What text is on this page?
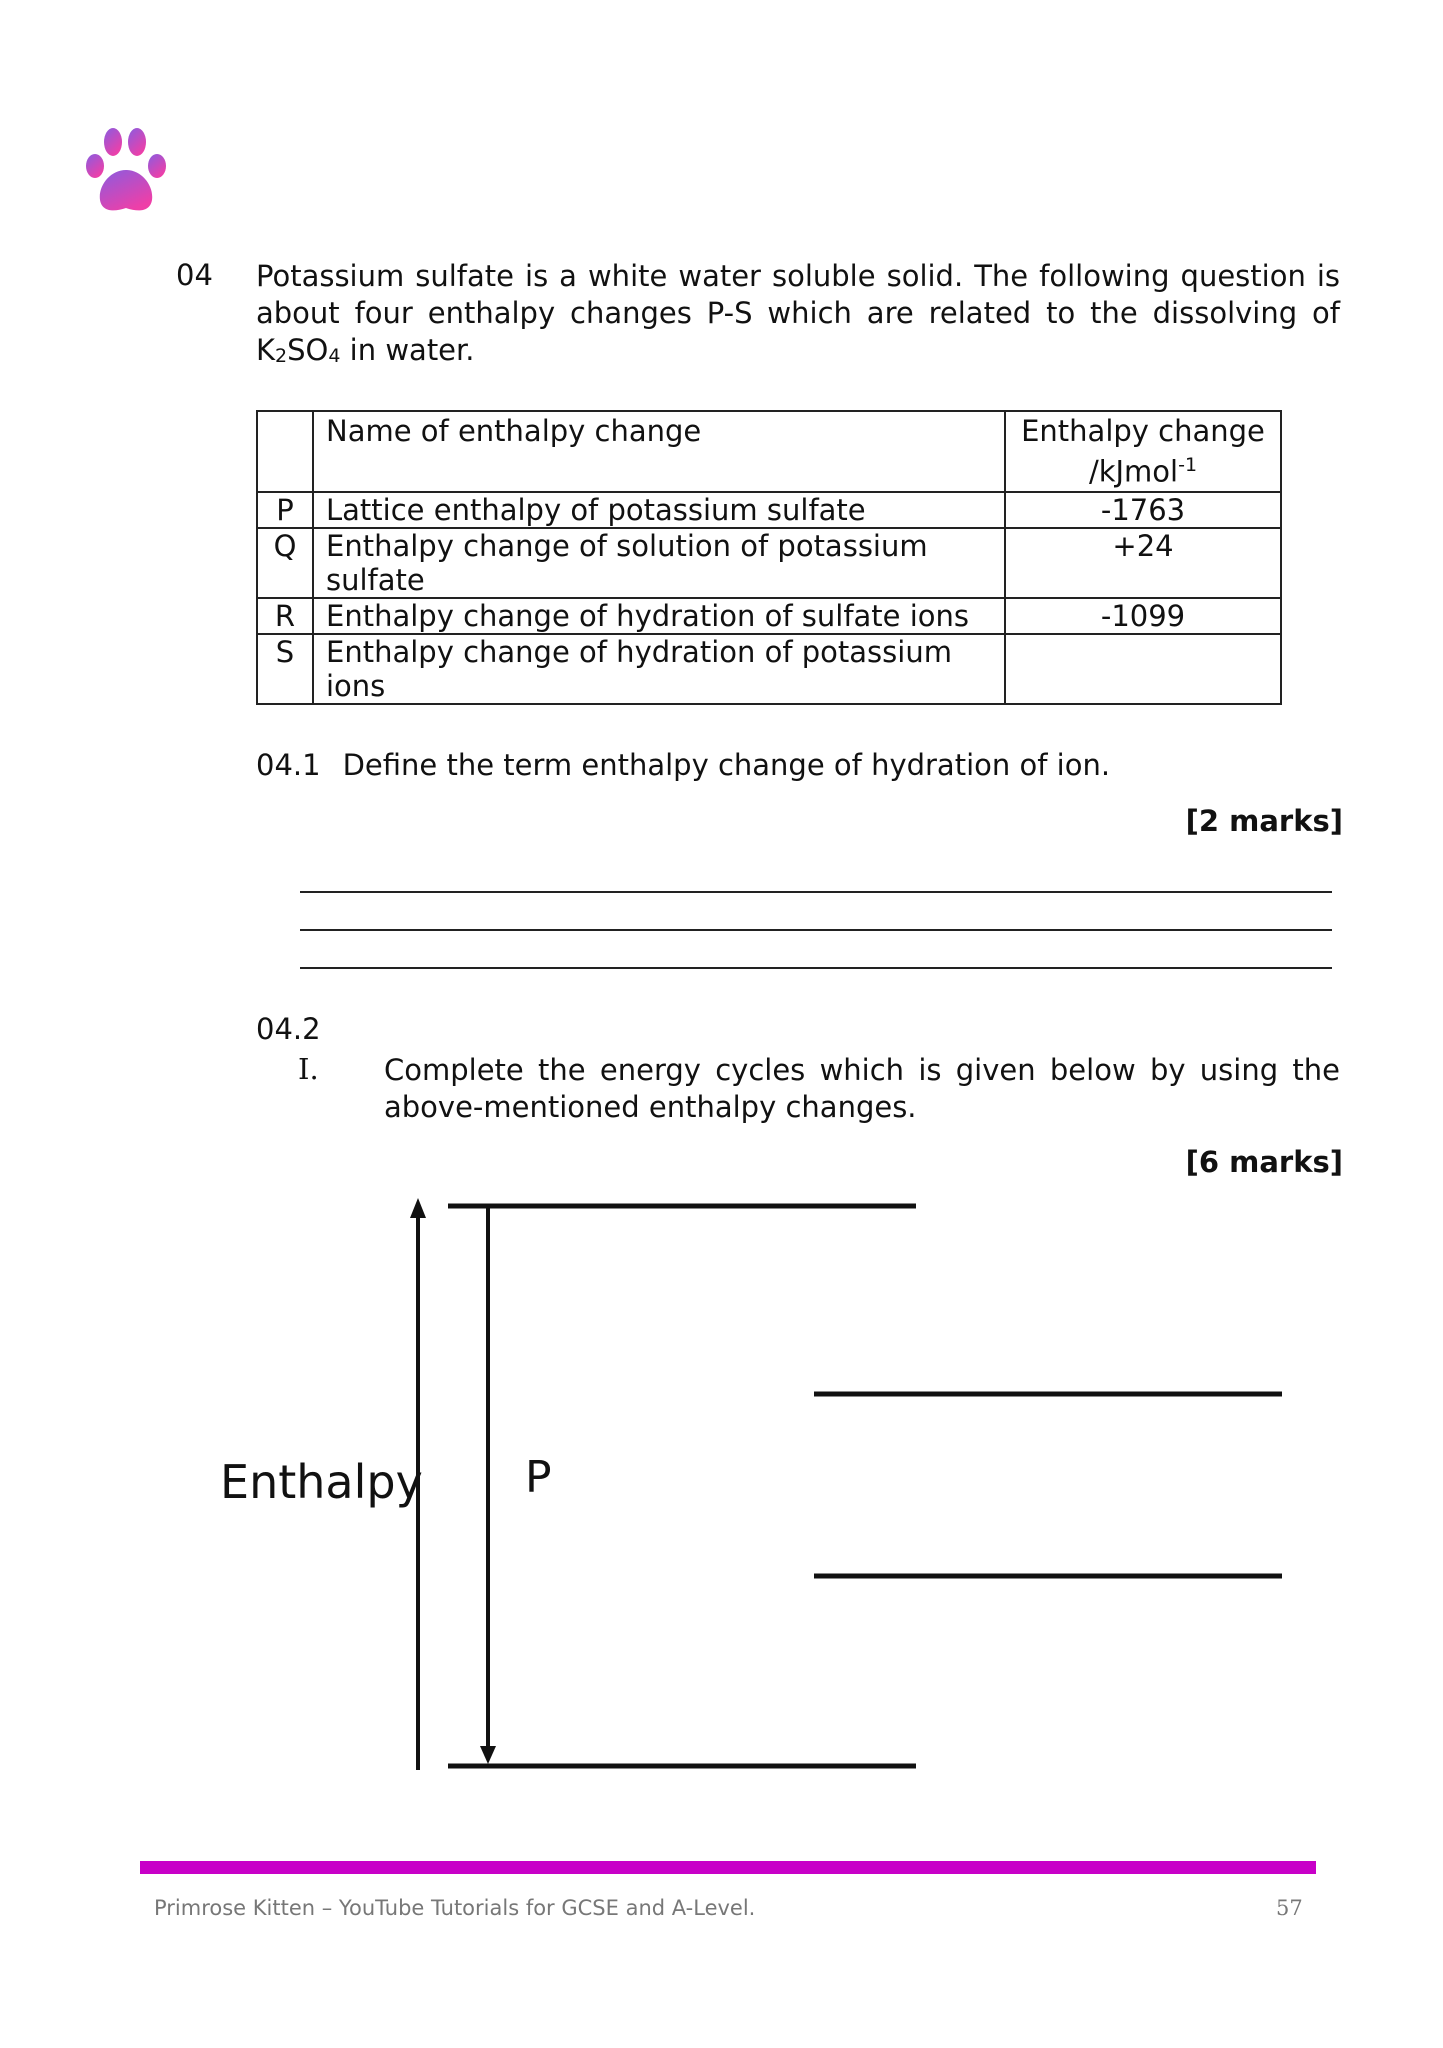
04 Potassium sulfate is a white water soluble solid. The following question is about four enthalpy changes P-S which are related to the dissolving of $K_2SO_4$ in water.
	Name of enthalpy change	Enthalpy change /kJmol$^{-1}$
P	Lattice enthalpy of potassium sulfate	-1763
Q	Enthalpy change of solution of potassium sulfate	+24
R	Enthalpy change of hydration of sulfate ions	-1099
S	Enthalpy change of hydration of potassium ions	
04.1 Define the term enthalpy change of hydration of ion.
[2 marks]
04.2
I. Complete the energy cycles which is given below by using the above-mentioned enthalpy changes.
[6 marks]
Enthalpy P
Primrose Kitten – YouTube Tutorials for GCSE and A-Level.	57
